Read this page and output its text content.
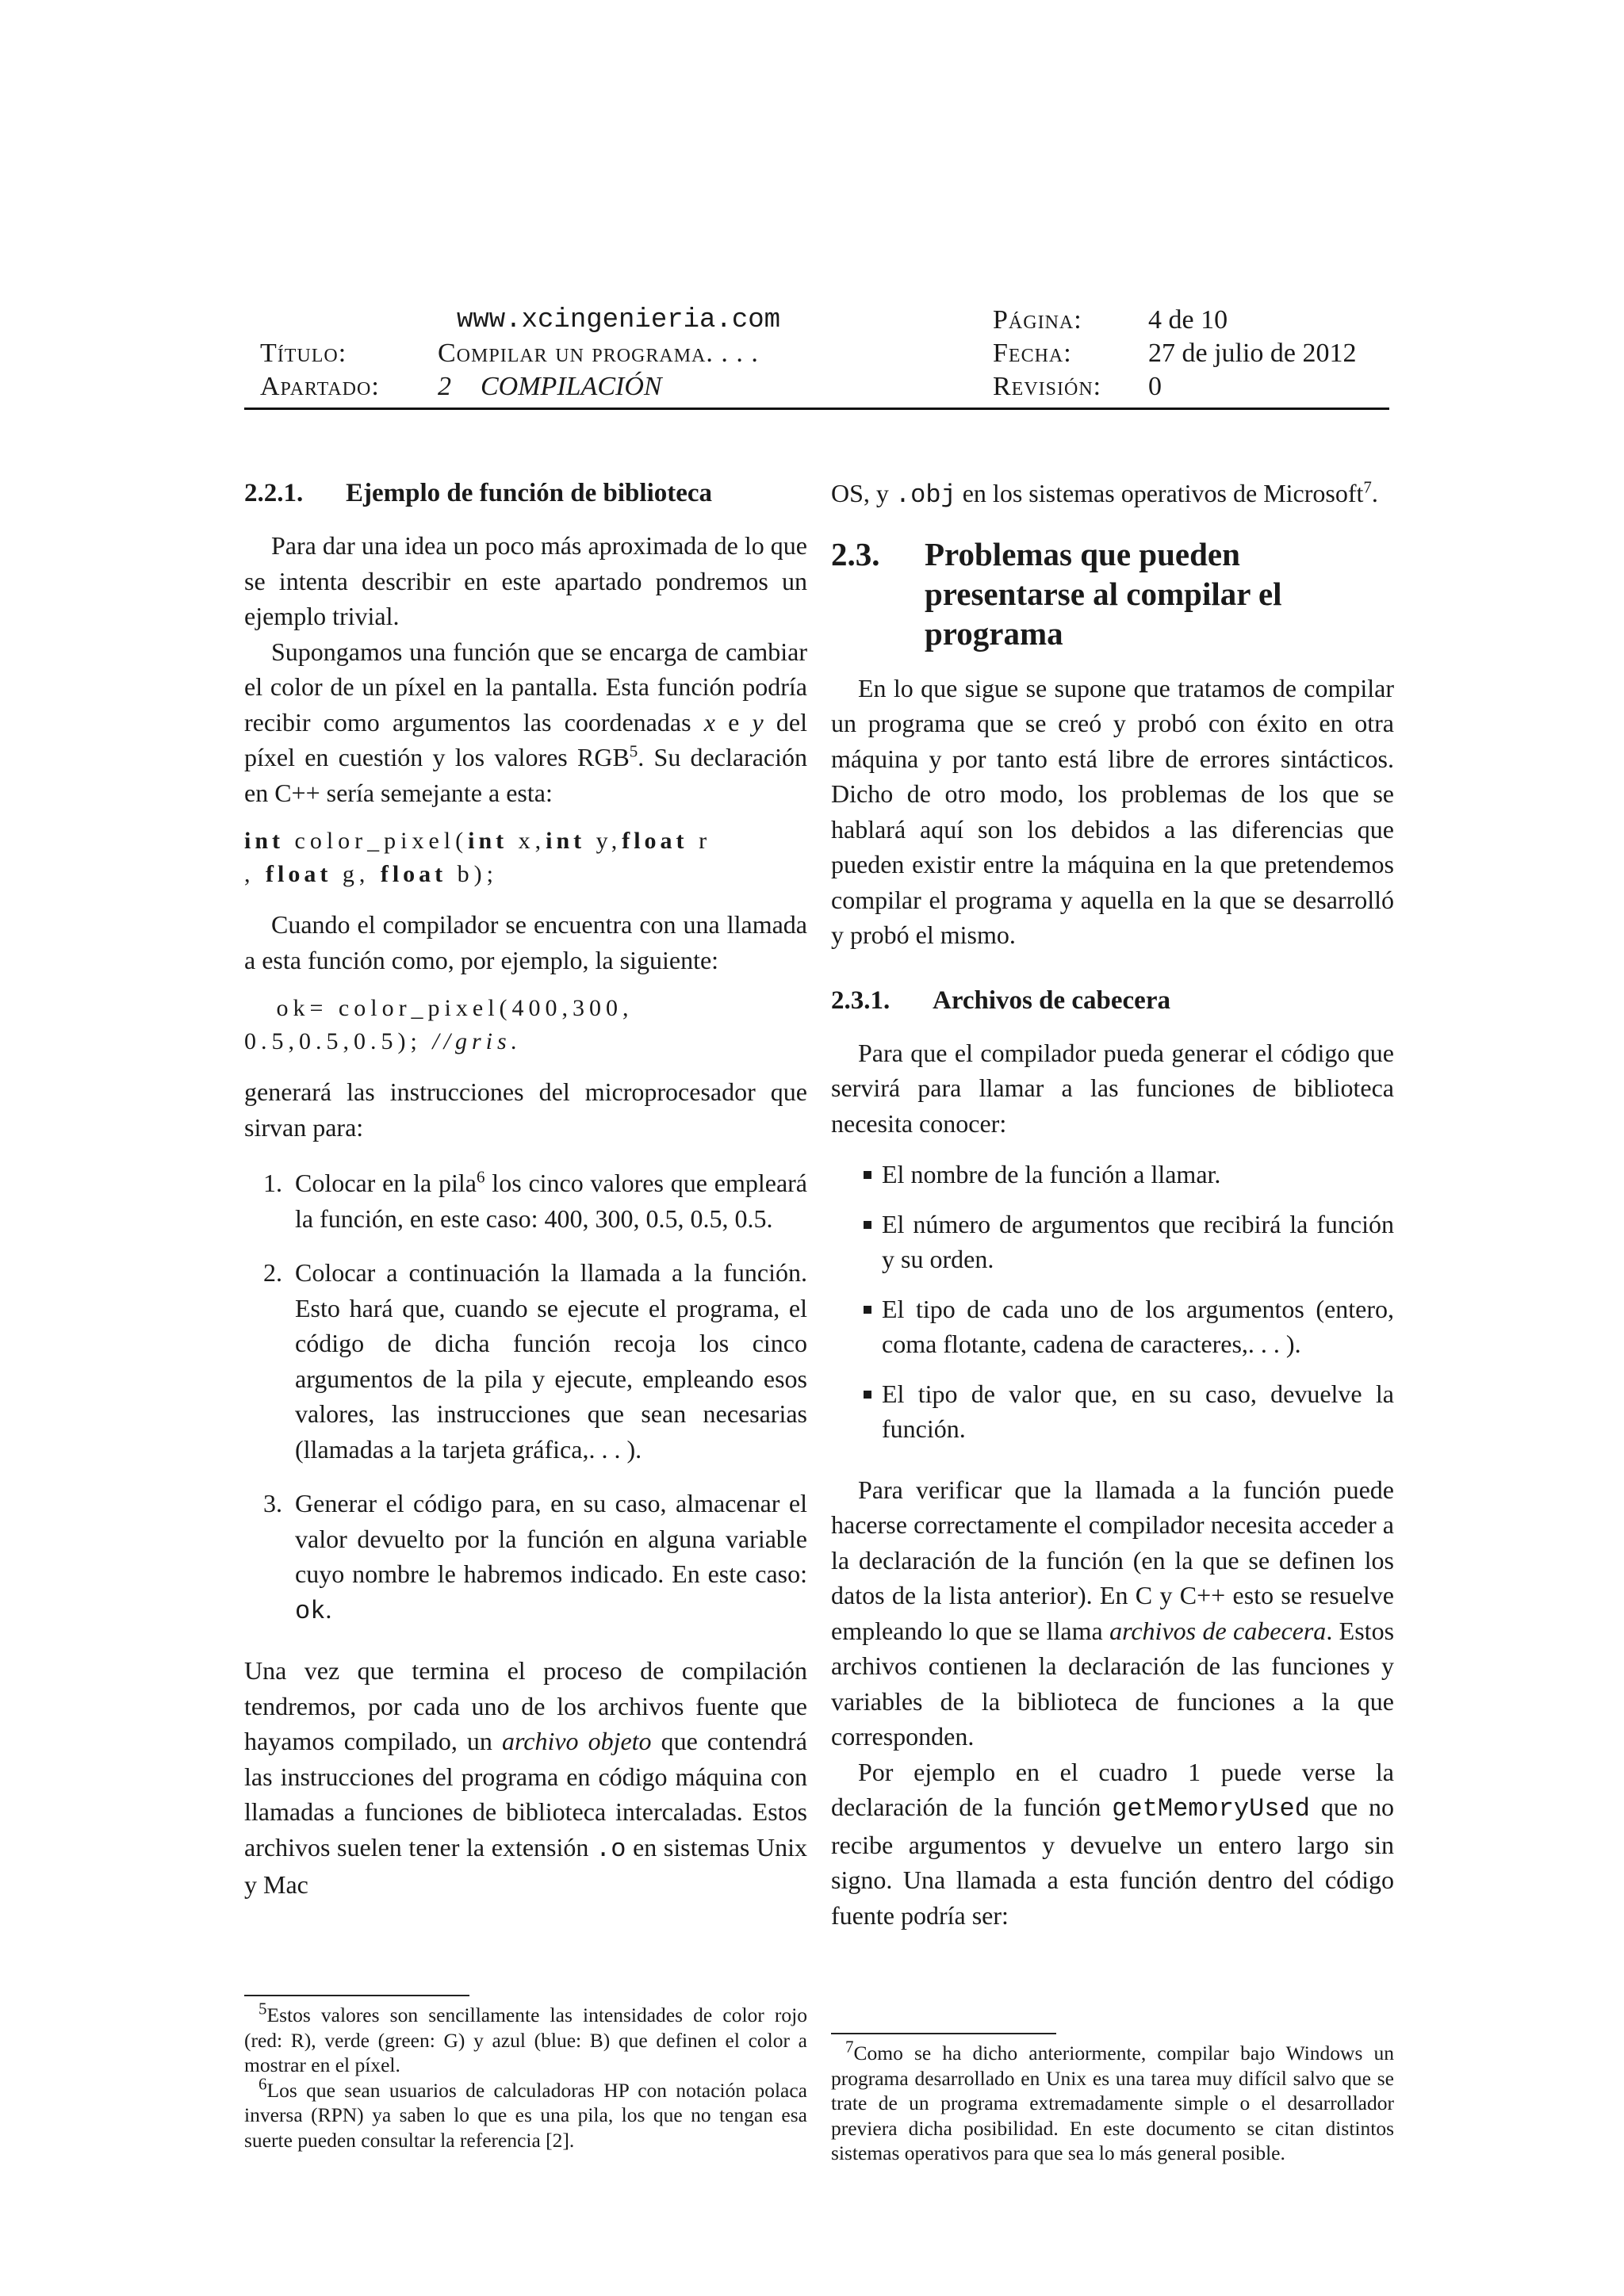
www.xcingenieria.com
Título:	Compilar un programa. . . .
Apartado: 2 COMPILACIÓN
Página: 4 de 10
Fecha:	27 de julio de 2012
Revisión: 0
2.2.1. Ejemplo de función de biblioteca

Para dar una idea un poco más aproximada de lo que se intenta describir en este apartado pondremos un ejemplo trivial.

Supongamos una función que se encarga de cambiar el color de un píxel en la pantalla. Esta función podría recibir como argumentos las coordenadas x e y del píxel en cuestión y los valores RGB$^5$. Su declaración en C++ sería semejante a esta:

int color_pixel(int x,int y,float r
, float g, float b);

Cuando el compilador se encuentra con una llamada a esta función como, por ejemplo, la siguiente:

ok= color_pixel(400,300,
0.5,0.5,0.5); //gris.

generará las instrucciones del microprocesador que sirvan para:

1. Colocar en la pila$^6$ los cinco valores que empleará la función, en este caso: 400, 300, 0.5, 0.5, 0.5.
2. Colocar a continuación la llamada a la función. Esto hará que, cuando se ejecute el programa, el código de dicha función recoja los cinco argumentos de la pila y ejecute, empleando esos valores, las instrucciones que sean necesarias (llamadas a la tarjeta gráfica,. . . ).
3. Generar el código para, en su caso, almacenar el valor devuelto por la función en alguna variable cuyo nombre le habremos indicado. En este caso: ok.

Una vez que termina el proceso de compilación tendremos, por cada uno de los archivos fuente que hayamos compilado, un archivo objeto que contendrá las instrucciones del programa en código máquina con llamadas a funciones de biblioteca intercaladas. Estos archivos suelen tener la extensión .o en sistemas Unix y Mac

$^5$Estos valores son sencillamente las intensidades de color rojo (red: R), verde (green: G) y azul (blue: B) que definen el color a mostrar en el píxel.

$^6$Los que sean usuarios de calculadoras HP con notación polaca inversa (RPN) ya saben lo que es una pila, los que no tengan esa suerte pueden consultar la referencia [2].

OS, y .obj en los sistemas operativos de Microsoft$^7$.

2.3.	Problemas que pueden presentarse al compilar el programa

En lo que sigue se supone que tratamos de compilar un programa que se creó y probó con éxito en otra máquina y por tanto está libre de errores sintácticos. Dicho de otro modo, los problemas de los que se hablará aquí son los debidos a las diferencias que pueden existir entre la máquina en la que pretendemos compilar el programa y aquella en la que se desarrolló y probó el mismo.

2.3.1. Archivos de cabecera

Para que el compilador pueda generar el código que servirá para llamar a las funciones de biblioteca necesita conocer:

El nombre de la función a llamar.
El número de argumentos que recibirá la función y su orden.
El tipo de cada uno de los argumentos (entero, coma flotante, cadena de caracteres,. . . ).
El tipo de valor que, en su caso, devuelve la función.

Para verificar que la llamada a la función puede hacerse correctamente el compilador necesita acceder a la declaración de la función (en la que se definen los datos de la lista anterior). En C y C++ esto se resuelve empleando lo que se llama archivos de cabecera. Estos archivos contienen la declaración de las funciones y variables de la biblioteca de funciones a la que corresponden.

Por ejemplo en el cuadro 1 puede verse la declaración de la función getMemoryUsed que no recibe argumentos y devuelve un entero largo sin signo. Una llamada a esta función dentro del código fuente podría ser:

$^7$Como se ha dicho anteriormente, compilar bajo Windows un programa desarrollado en Unix es una tarea muy difícil salvo que se trate de un programa extremadamente simple o el desarrollador previera dicha posibilidad. En este documento se citan distintos sistemas operativos para que sea lo más general posible.
